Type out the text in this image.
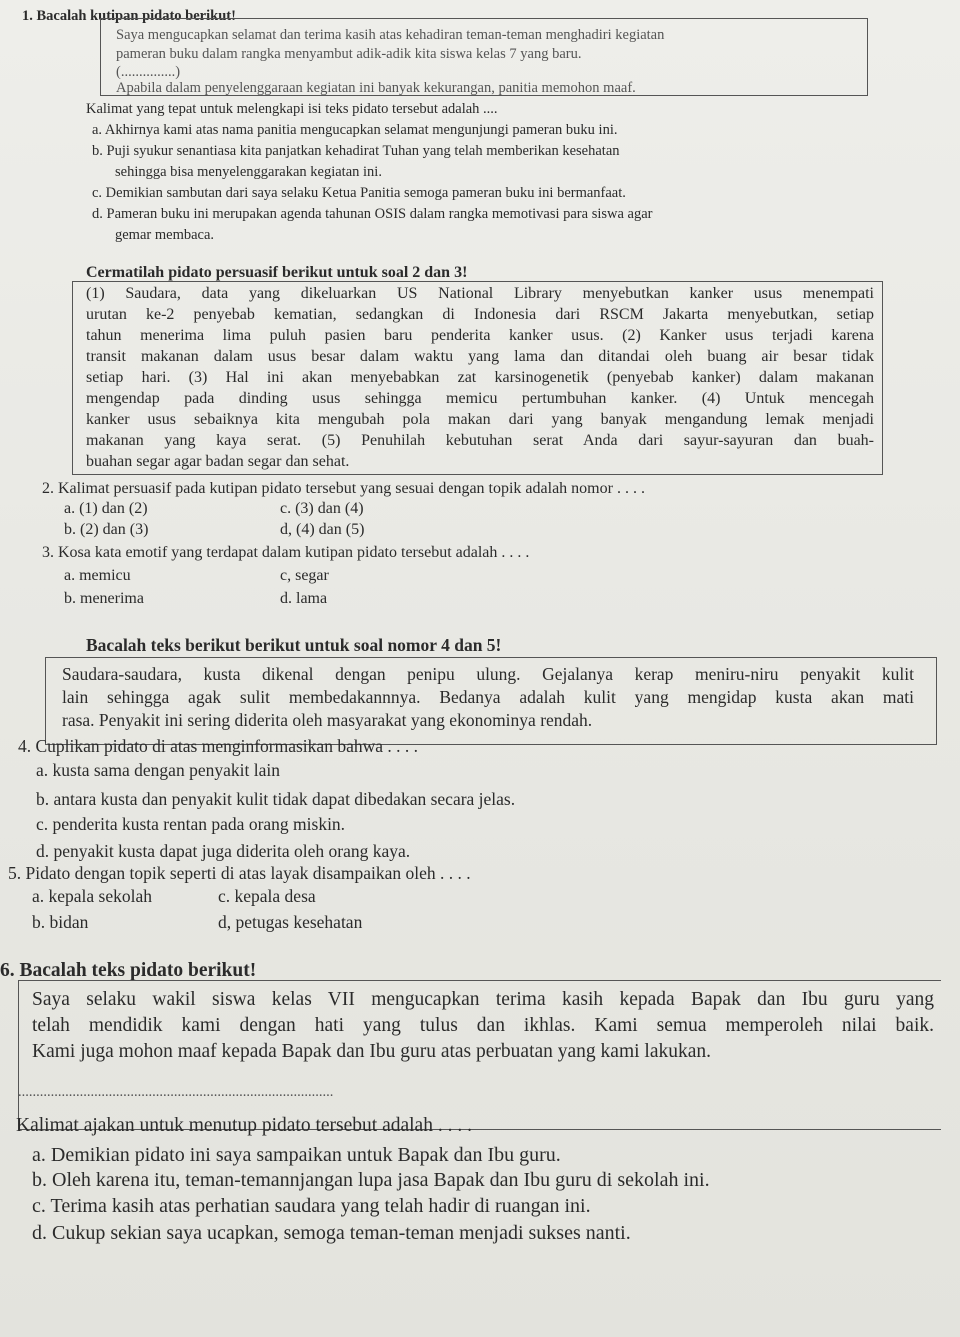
1. Bacalah kutipan pidato berikut!
Saya mengucapkan selamat dan terima kasih atas kehadiran teman-teman menghadiri kegiatan
pameran buku dalam rangka menyambut adik-adik kita siswa kelas 7 yang baru.
(...............)
Apabila dalam penyelenggaraan kegiatan ini banyak kekurangan, panitia memohon maaf.
Kalimat yang tepat untuk melengkapi isi teks pidato tersebut adalah ....
a. Akhirnya kami atas nama panitia mengucapkan selamat mengunjungi pameran buku ini.
b. Puji syukur senantiasa kita panjatkan kehadirat Tuhan yang telah memberikan kesehatan
sehingga bisa menyelenggarakan kegiatan ini.
c. Demikian sambutan dari saya selaku Ketua Panitia semoga pameran buku ini bermanfaat.
d. Pameran buku ini merupakan agenda tahunan OSIS dalam rangka memotivasi para siswa agar
gemar membaca.
Cermatilah pidato persuasif berikut untuk soal 2 dan 3!
(1) Saudara, data yang dikeluarkan US National Library menyebutkan kanker usus menempati
urutan ke-2 penyebab kematian, sedangkan di Indonesia dari RSCM Jakarta menyebutkan, setiap
tahun menerima lima puluh pasien baru penderita kanker usus. (2) Kanker usus terjadi karena
transit makanan dalam usus besar dalam waktu yang lama dan ditandai oleh buang air besar tidak
setiap hari. (3) Hal ini akan menyebabkan zat karsinogenetik (penyebab kanker) dalam makanan
mengendap pada dinding usus sehingga memicu pertumbuhan kanker. (4) Untuk mencegah
kanker usus sebaiknya kita mengubah pola makan dari yang banyak mengandung lemak menjadi
makanan yang kaya serat. (5) Penuhilah kebutuhan serat Anda dari sayur-sayuran dan buah-
buahan segar agar badan segar dan sehat.
2. Kalimat persuasif pada kutipan pidato tersebut yang sesuai dengan topik adalah nomor . . . .
a. (1) dan (2)	c. (3) dan (4)
b. (2) dan (3)	d, (4) dan (5)
3. Kosa kata emotif yang terdapat dalam kutipan pidato tersebut adalah . . . .
a. memicu	c, segar
b. menerima	d. lama
Bacalah teks berikut berikut untuk soal nomor 4 dan 5!
Saudara-saudara, kusta dikenal dengan penipu ulung. Gejalanya kerap meniru-niru penyakit kulit
lain sehingga agak sulit membedakannnya. Bedanya adalah kulit yang mengidap kusta akan mati
rasa. Penyakit ini sering diderita oleh masyarakat yang ekonominya rendah.
4. Cuplikan pidato di atas menginformasikan bahwa . . . .
a. kusta sama dengan penyakit lain
b. antara kusta dan penyakit kulit tidak dapat dibedakan secara jelas.
c. penderita kusta rentan pada orang miskin.
d. penyakit kusta dapat juga diderita oleh orang kaya.
5. Pidato dengan topik seperti di atas layak disampaikan oleh . . . .
a. kepala sekolah	c. kepala desa
b. bidan	d, petugas kesehatan
6. Bacalah teks pidato berikut!
Saya selaku wakil siswa kelas VII mengucapkan terima kasih kepada Bapak dan Ibu guru yang
telah mendidik kami dengan hati yang tulus dan ikhlas. Kami semua memperoleh nilai baik.
Kami juga mohon maaf kepada Bapak dan Ibu guru atas perbuatan yang kami lakukan.
.......................................................................................
Kalimat ajakan untuk menutup pidato tersebut adalah . . . .
a. Demikian pidato ini saya sampaikan untuk Bapak dan Ibu guru.
b. Oleh karena itu, teman-temannjangan lupa jasa Bapak dan Ibu guru di sekolah ini.
c. Terima kasih atas perhatian saudara yang telah hadir di ruangan ini.
d. Cukup sekian saya ucapkan, semoga teman-teman menjadi sukses nanti.
